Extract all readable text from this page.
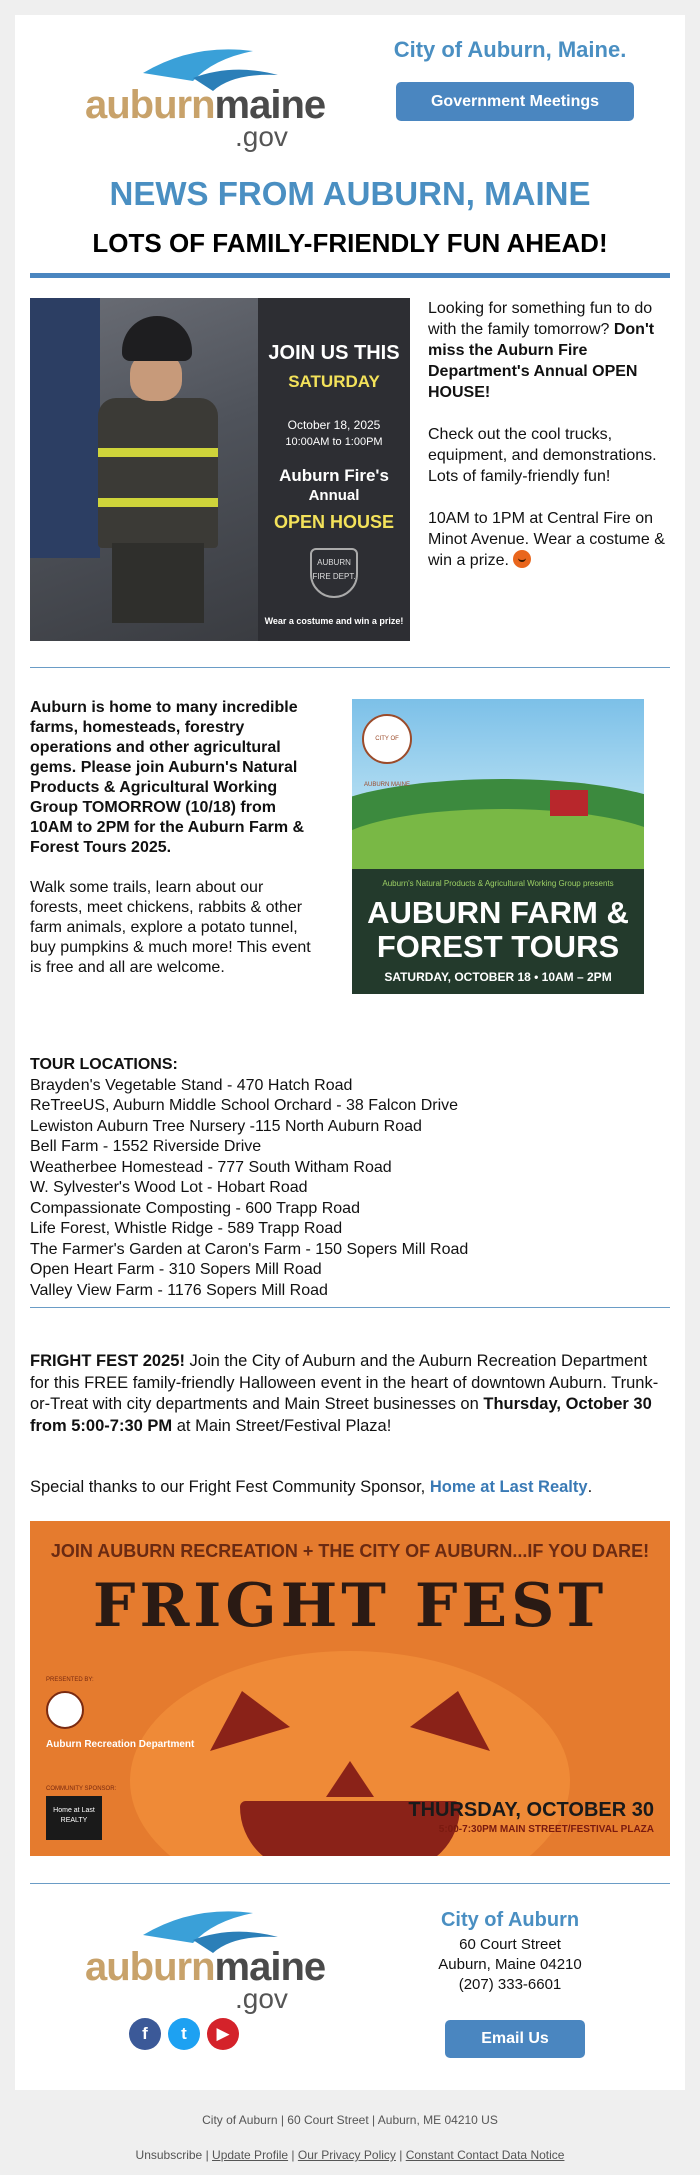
auburnmaine
.gov
City of Auburn, Maine.
Government Meetings
NEWS FROM AUBURN, MAINE
LOTS OF FAMILY-FRIENDLY FUN AHEAD!
JOIN US THIS
SATURDAY
October 18, 2025
10:00AM to 1:00PM
Auburn Fire's
Annual
OPEN HOUSE
AUBURN FIRE DEPT.
Wear a costume and win a prize!

Looking for something fun to do with the family tomorrow? Don't miss the Auburn Fire Department's Annual OPEN HOUSE!

Check out the cool trucks, equipment, and demonstrations. Lots of family-friendly fun!

10AM to 1PM at Central Fire on Minot Avenue. Wear a costume & win a prize.

Auburn is home to many incredible farms, homesteads, forestry operations and other agricultural gems. Please join Auburn's Natural Products & Agricultural Working Group TOMORROW (10/18) from 10AM to 2PM for the Auburn Farm & Forest Tours 2025.
Walk some trails, learn about our forests, meet chickens, rabbits & other farm animals, explore a potato tunnel, buy pumpkins & much more! This event is free and all are welcome.
CITY OF AUBURN MAINE
Auburn's Natural Products & Agricultural Working Group presents
AUBURN FARM &
FOREST TOURS
SATURDAY, OCTOBER 18 • 10AM – 2PM
TOUR LOCATIONS:
Brayden's Vegetable Stand - 470 Hatch Road
ReTreeUS, Auburn Middle School Orchard - 38 Falcon Drive
Lewiston Auburn Tree Nursery -115 North Auburn Road
Bell Farm - 1552 Riverside Drive
Weatherbee Homestead - 777 South Witham Road
W. Sylvester's Wood Lot - Hobart Road
Compassionate Composting - 600 Trapp Road
Life Forest, Whistle Ridge - 589 Trapp Road
The Farmer's Garden at Caron's Farm - 150 Sopers Mill Road
Open Heart Farm - 310 Sopers Mill Road
Valley View Farm - 1176 Sopers Mill Road
FRIGHT FEST 2025! Join the City of Auburn and the Auburn Recreation Department for this FREE family-friendly Halloween event in the heart of downtown Auburn. Trunk-or-Treat with city departments and Main Street businesses on Thursday, October 30 from 5:00-7:30 PM at Main Street/Festival Plaza!
Special thanks to our Fright Fest Community Sponsor, Home at Last Realty.
JOIN AUBURN RECREATION + THE CITY OF AUBURN...IF YOU DARE!
FRIGHT FEST
PRESENTED BY:
Auburn Recreation Department
COMMUNITY SPONSOR:
Home at Last REALTY	THURSDAY, OCTOBER 30
5:00-7:30PM MAIN STREET/FESTIVAL PLAZA
auburnmaine
.gov
f	t	▶
City of Auburn
60 Court Street
Auburn, Maine 04210
(207) 333-6601
Email Us
City of Auburn | 60 Court Street | Auburn, ME 04210 US
Unsubscribe | Update Profile | Our Privacy Policy | Constant Contact Data Notice
